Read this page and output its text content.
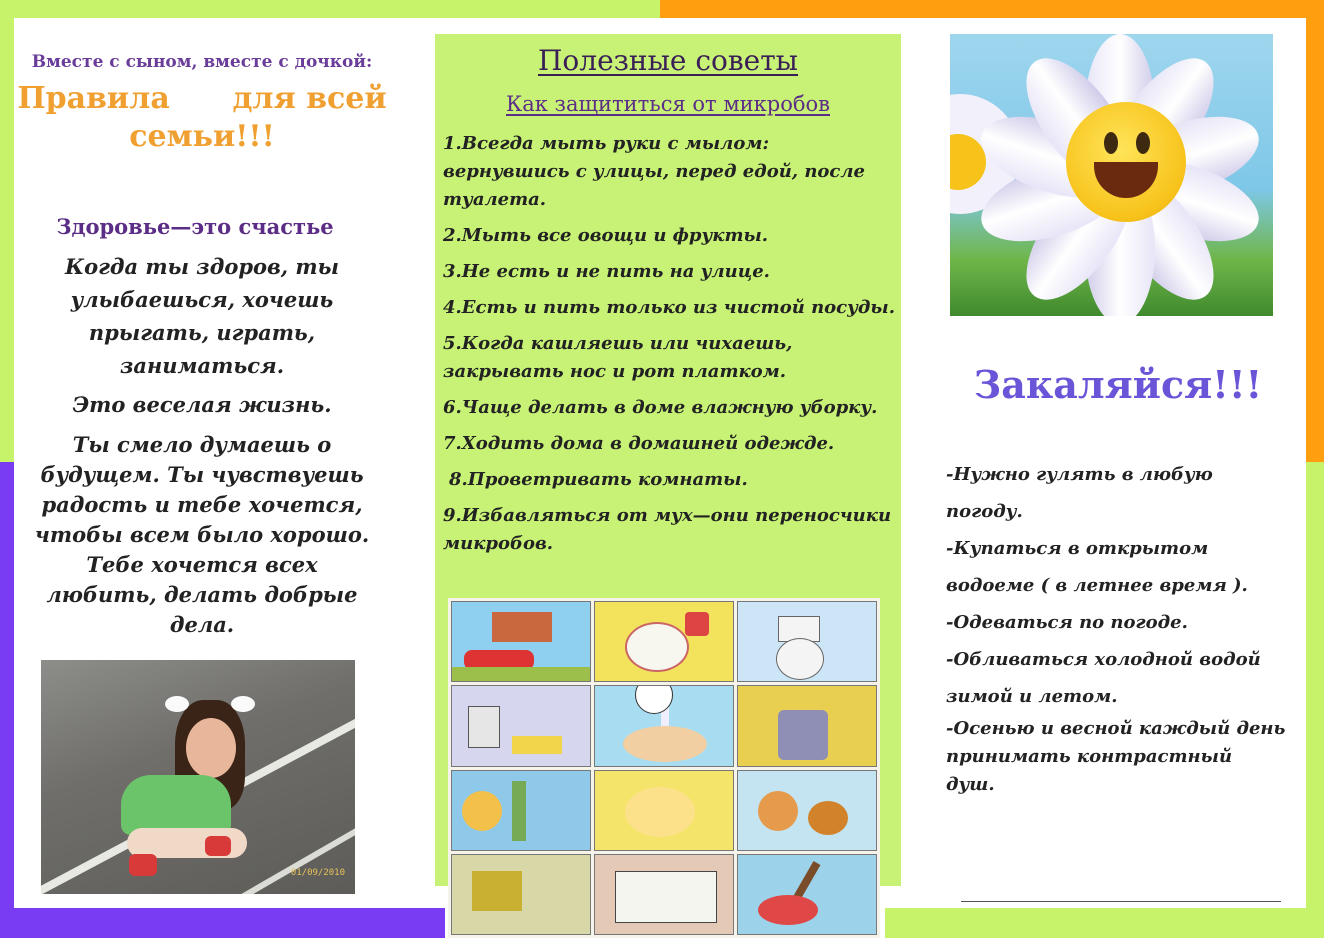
Вместе с сыном, вместе с дочкой:
Правила      для всей
семьи!!!
Здоровье—это счастье

Когда ты здоров, ты улыбаешься, хочешь прыгать, играть, заниматься.

Это веселая жизнь.

Ты смело думаешь о будущем. Ты чувствуешь радость и тебе хочется, чтобы всем было хорошо. Тебе хочется всех любить, делать добрые дела.

01/09/2010
Полезные советы
Как защититься от микробов

1.Всегда мыть руки с мылом: вернувшись с улицы, перед едой, после туалета.

2.Мыть все овощи и фрукты.

3.Не есть и не пить на улице.

4.Есть и пить только из чистой посуды.

5.Когда кашляешь или чихаешь, закрывать нос и рот платком.

6.Чаще делать в доме влажную уборку.

7.Ходить дома в домашней одежде.

8.Проветривать комнаты.

9.Избавляться от мух—они переносчики микробов.

Закаляйся!!!

-Нужно гулять в любую погоду.

-Купаться в открытом водоеме ( в летнее время ).

-Одеваться по погоде.

-Обливаться холодной водой зимой и летом.

-Осенью и весной каждый день принимать контрастный душ.
